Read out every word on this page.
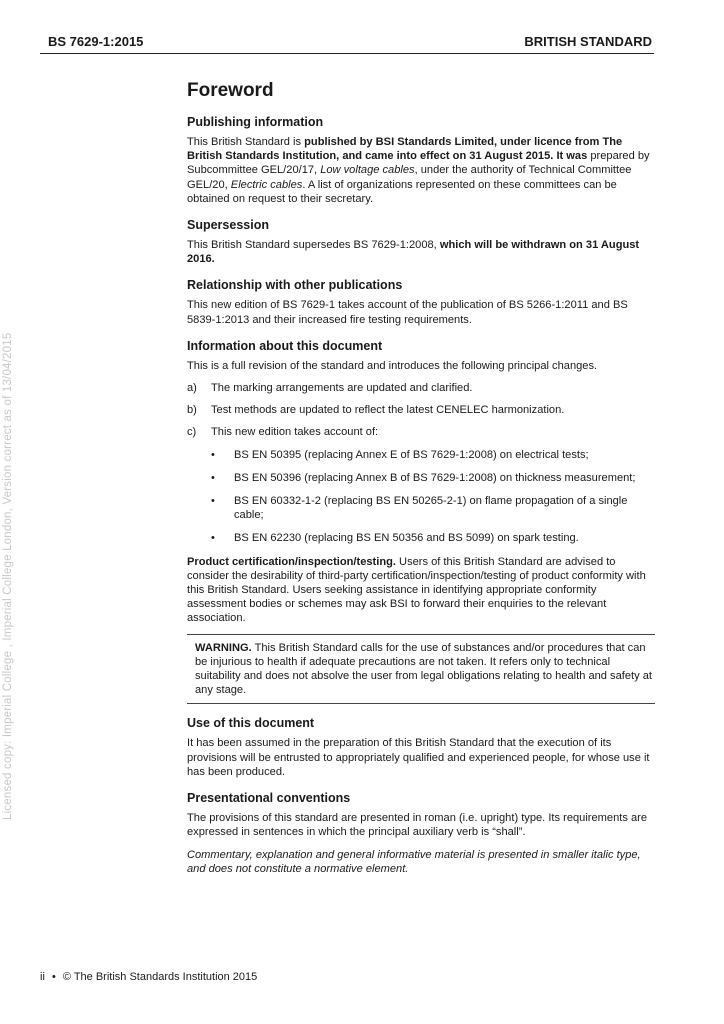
BS 7629-1:2015	BRITISH STANDARD
Licensed copy: Imperial College , Imperial College London, Version correct as of 13/04/2015
Foreword
Publishing information

This British Standard is published by BSI Standards Limited, under licence from The British Standards Institution, and came into effect on 31 August 2015. It was prepared by Subcommittee GEL/20/17, Low voltage cables, under the authority of Technical Committee GEL/20, Electric cables. A list of organizations represented on these committees can be obtained on request to their secretary.

Supersession

This British Standard supersedes BS 7629-1:2008, which will be withdrawn on 31 August 2016.

Relationship with other publications

This new edition of BS 7629-1 takes account of the publication of BS 5266-1:2011 and BS 5839-1:2013 and their increased fire testing requirements.

Information about this document

This is a full revision of the standard and introduces the following principal changes.

a)	The marking arrangements are updated and clarified.
b)	Test methods are updated to reflect the latest CENELEC harmonization.
c)	This new edition takes account of:
•	BS EN 50395 (replacing Annex E of BS 7629-1:2008) on electrical tests;
•	BS EN 50396 (replacing Annex B of BS 7629-1:2008) on thickness measurement;
•	BS EN 60332-1-2 (replacing BS EN 50265-2-1) on flame propagation of a single cable;
•	BS EN 62230 (replacing BS EN 50356 and BS 5099) on spark testing.

Product certification/inspection/testing. Users of this British Standard are advised to consider the desirability of third-party certification/inspection/testing of product conformity with this British Standard. Users seeking assistance in identifying appropriate conformity assessment bodies or schemes may ask BSI to forward their enquiries to the relevant association.

WARNING. This British Standard calls for the use of substances and/or procedures that can be injurious to health if adequate precautions are not taken. It refers only to technical suitability and does not absolve the user from legal obligations relating to health and safety at any stage.
Use of this document

It has been assumed in the preparation of this British Standard that the execution of its provisions will be entrusted to appropriately qualified and experienced people, for whose use it has been produced.

Presentational conventions

The provisions of this standard are presented in roman (i.e. upright) type. Its requirements are expressed in sentences in which the principal auxiliary verb is “shall”.

Commentary, explanation and general informative material is presented in smaller italic type, and does not constitute a normative element.

ii • © The British Standards Institution 2015
